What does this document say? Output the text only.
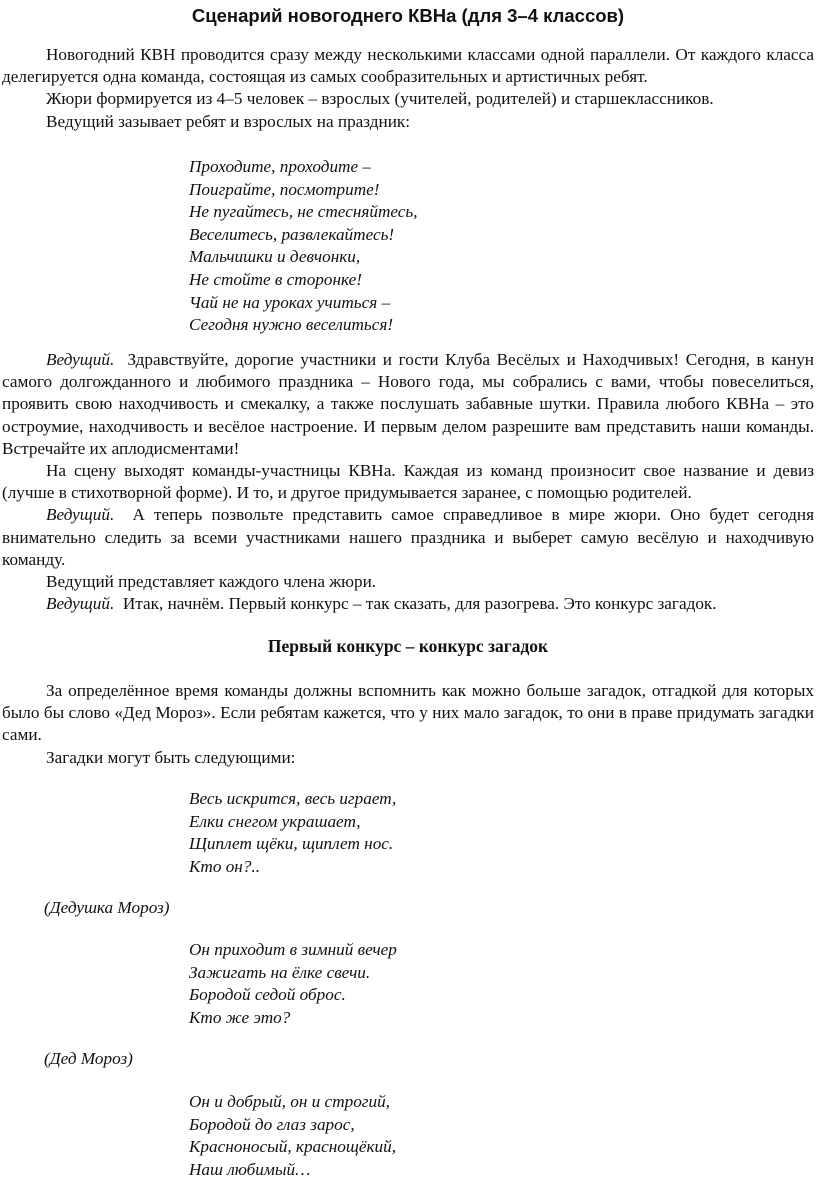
Сценарий новогоднего КВНа (для 3–4 классов)

Новогодний КВН проводится сразу между несколькими классами одной параллели. От каждого класса делегируется одна команда, состоящая из самых сообразительных и артистичных ребят.

Жюри формируется из 4–5 человек – взрослых (учителей, родителей) и старшеклассников.

Ведущий зазывает ребят и взрослых на праздник:

Проходите, проходите –
Поиграйте, посмотрите!
Не пугайтесь, не стесняйтесь,
Веселитесь, развлекайтесь!
Мальчишки и девчонки,
Не стойте в сторонке!
Чай не на уроках учиться –
Сегодня нужно веселиться!

Ведущий. Здравствуйте, дорогие участники и гости Клуба Весёлых и Находчивых! Сегодня, в канун самого долгожданного и любимого праздника – Нового года, мы собрались с вами, чтобы повеселиться, проявить свою находчивость и смекалку, а также послушать забавные шутки. Правила любого КВНа – это остроумие, находчивость и весёлое настроение. И первым делом разрешите вам представить наши команды. Встречайте их аплодисментами!

На сцену выходят команды-участницы КВНа. Каждая из команд произносит свое название и девиз (лучше в стихотворной форме). И то, и другое придумывается заранее, с помощью родителей.

Ведущий. А теперь позвольте представить самое справедливое в мире жюри. Оно будет сегодня внимательно следить за всеми участниками нашего праздника и выберет самую весёлую и находчивую команду.

Ведущий представляет каждого члена жюри.

Ведущий. Итак, начнём. Первый конкурс – так сказать, для разогрева. Это конкурс загадок.

Первый конкурс – конкурс загадок

За определённое время команды должны вспомнить как можно больше загадок, отгадкой для которых было бы слово «Дед Мороз». Если ребятам кажется, что у них мало загадок, то они в праве придумать загадки сами.

Загадки могут быть следующими:

Весь искрится, весь играет,
Елки снегом украшает,
Щиплет щёки, щиплет нос.
Кто он?..
(Дедушка Мороз)
Он приходит в зимний вечер
Зажигать на ёлке свечи.
Бородой седой оброс.
Кто же это?
(Дед Мороз)
Он и добрый, он и строгий,
Бородой до глаз зарос,
Красноносый, краснощёкий,
Наш любимый…
